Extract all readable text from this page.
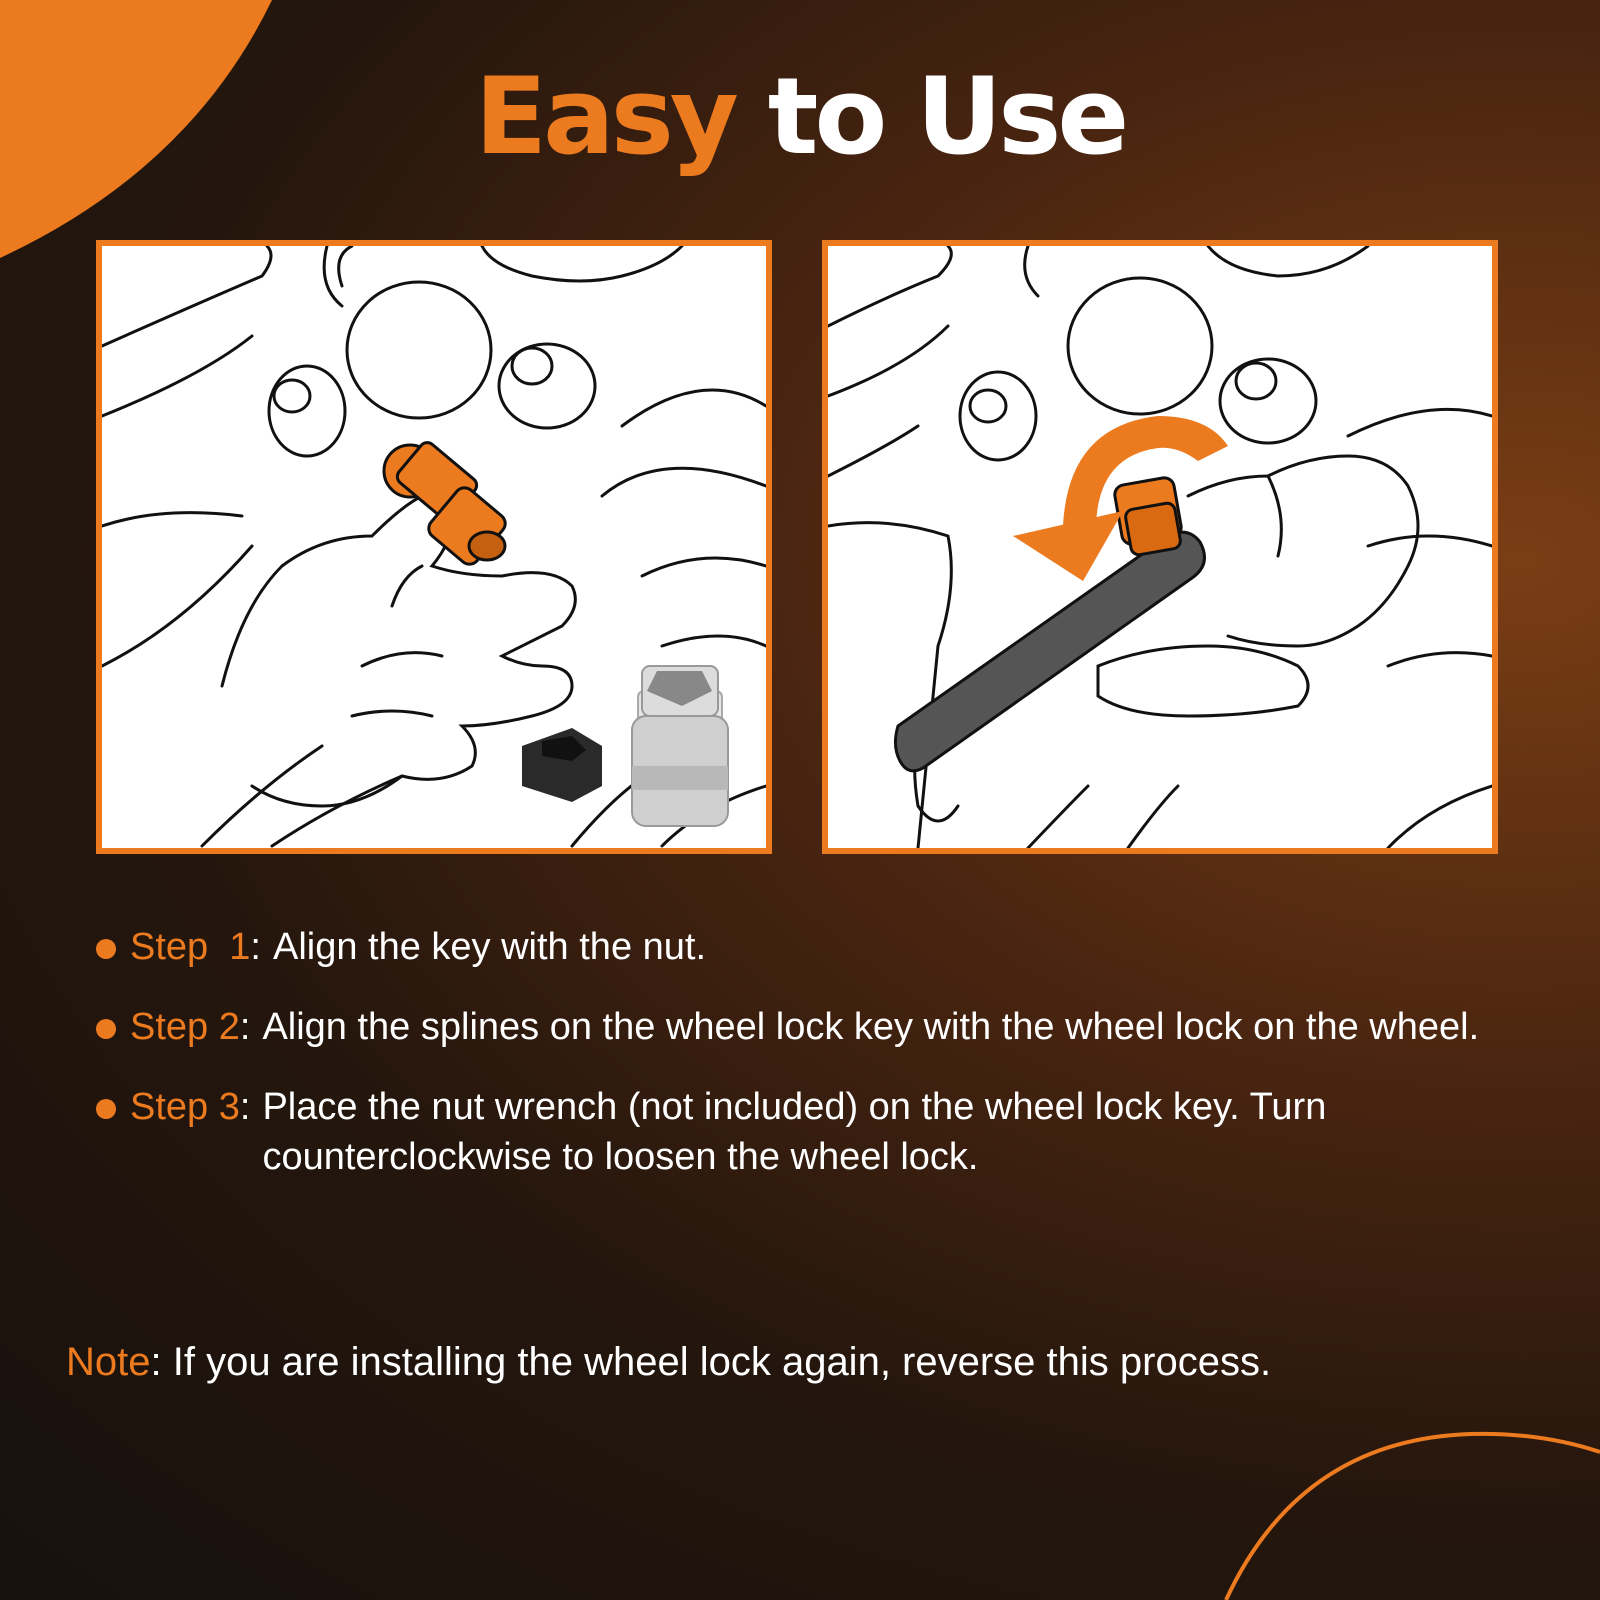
Easy to Use
Step  1 : Align the key with the nut.
Step 2 : Align the splines on the wheel lock key with the wheel lock on the wheel.
Step 3 : Place the nut wrench (not included) on the wheel lock key. Turn counterclockwise to loosen the wheel lock.
Note: If you are installing the wheel lock again, reverse this process.
